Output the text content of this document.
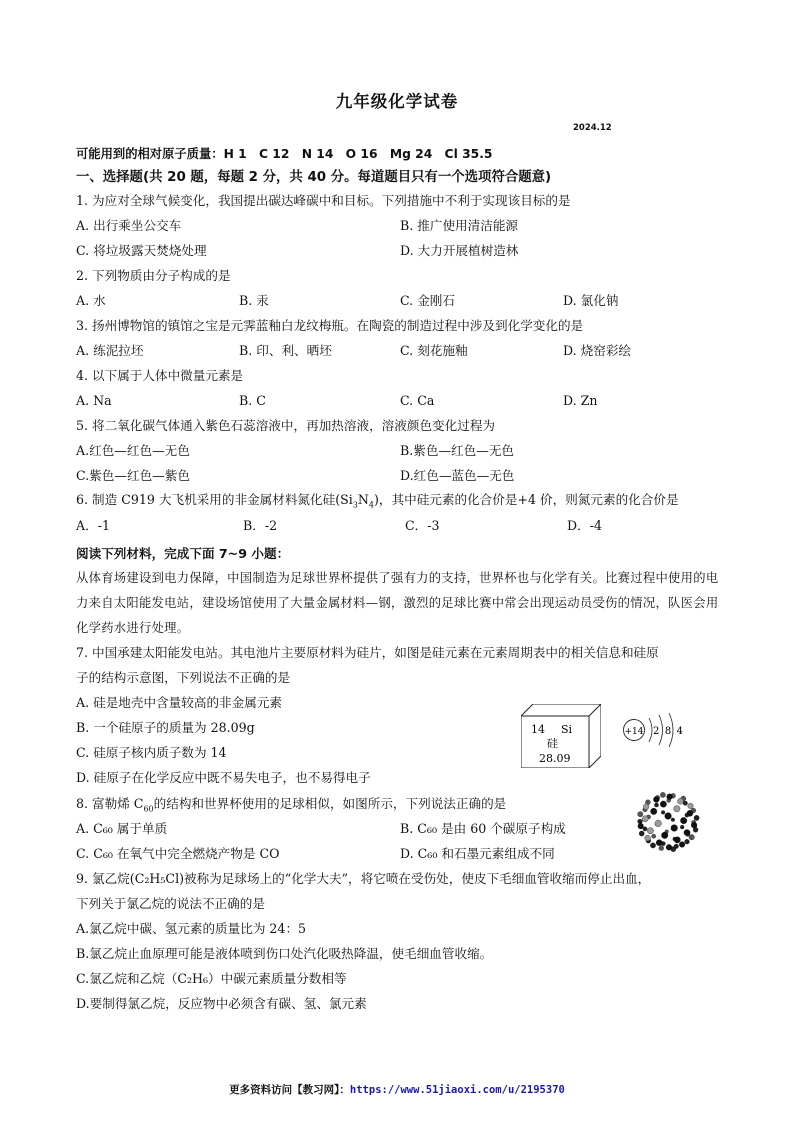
九年级化学试卷
2024.12
可能用到的相对原子质量：H 1　C 12　N 14　O 16　Mg 24　Cl 35.5
一、选择题(共 20 题，每题 2 分，共 40 分。每道题目只有一个选项符合题意)
1. 为应对全球气候变化，我国提出碳达峰碳中和目标。下列措施中不利于实现该目标的是
A. 出行乘坐公交车	B. 推广使用清洁能源
C. 将垃圾露天焚烧处理	D. 大力开展植树造林
2. 下列物质由分子构成的是
A. 水	B. 汞	C. 金刚石	D. 氯化钠
3. 扬州博物馆的镇馆之宝是元霁蓝釉白龙纹梅瓶。在陶瓷的制造过程中涉及到化学变化的是
A. 练泥拉坯	B. 印、利、晒坯	C. 刻花施釉	D. 烧窑彩绘
4. 以下属于人体中微量元素是
A. Na	B. C	C. Ca	D. Zn
5. 将二氧化碳气体通入紫色石蕊溶液中，再加热溶液，溶液颜色变化过程为
A.红色—红色—无色	B.紫色—红色—无色
C.紫色—红色—紫色	D.红色—蓝色—无色
6. 制造 C919 大飞机采用的非金属材料氮化硅$(Si_3N_4)$，其中硅元素的化合价是+4 价，则氮元素的化合价是
A．-1	B．-2	C．-3	D．-4
阅读下列材料，完成下面 7~9 小题：
从体育场建设到电力保障，中国制造为足球世界杯提供了强有力的支持，世界杯也与化学有关。比赛过程中使用的电力来自太阳能发电站，建设场馆使用了大量金属材料—钢，激烈的足球比赛中常会出现运动员受伤的情况，队医会用化学药水进行处理。
7. 中国承建太阳能发电站。其电池片主要原材料为硅片，如图是硅元素在元素周期表中的相关信息和硅原
子的结构示意图，下列说法不正确的是
A. 硅是地壳中含量较高的非金属元素
B. 一个硅原子的质量为 28.09g
C. 硅原子核内质子数为 14
D. 硅原子在化学反应中既不易失电子，也不易得电子
14 Si
硅
28.09
+14 2 8 4
8. 富勒烯 $C_{60}$的结构和世界杯使用的足球相似，如图所示，下列说法正确的是
A. C₆₀ 属于单质	B. C₆₀ 是由 60 个碳原子构成
C. C₆₀ 在氧气中完全燃烧产物是 CO	D. C₆₀ 和石墨元素组成不同
9. 氯乙烷(C₂H₅Cl)被称为足球场上的“化学大夫”，将它喷在受伤处，使皮下毛细血管收缩而停止出血，
下列关于氯乙烷的说法不正确的是
A.氯乙烷中碳、氢元素的质量比为 24：5
B.氯乙烷止血原理可能是液体喷到伤口处汽化吸热降温，使毛细血管收缩。
C.氯乙烷和乙烷（C₂H₆）中碳元素质量分数相等
D.要制得氯乙烷，反应物中必须含有碳、氢、氯元素
更多资料访问【教习网】：https://www.51jiaoxi.com/u/2195370
